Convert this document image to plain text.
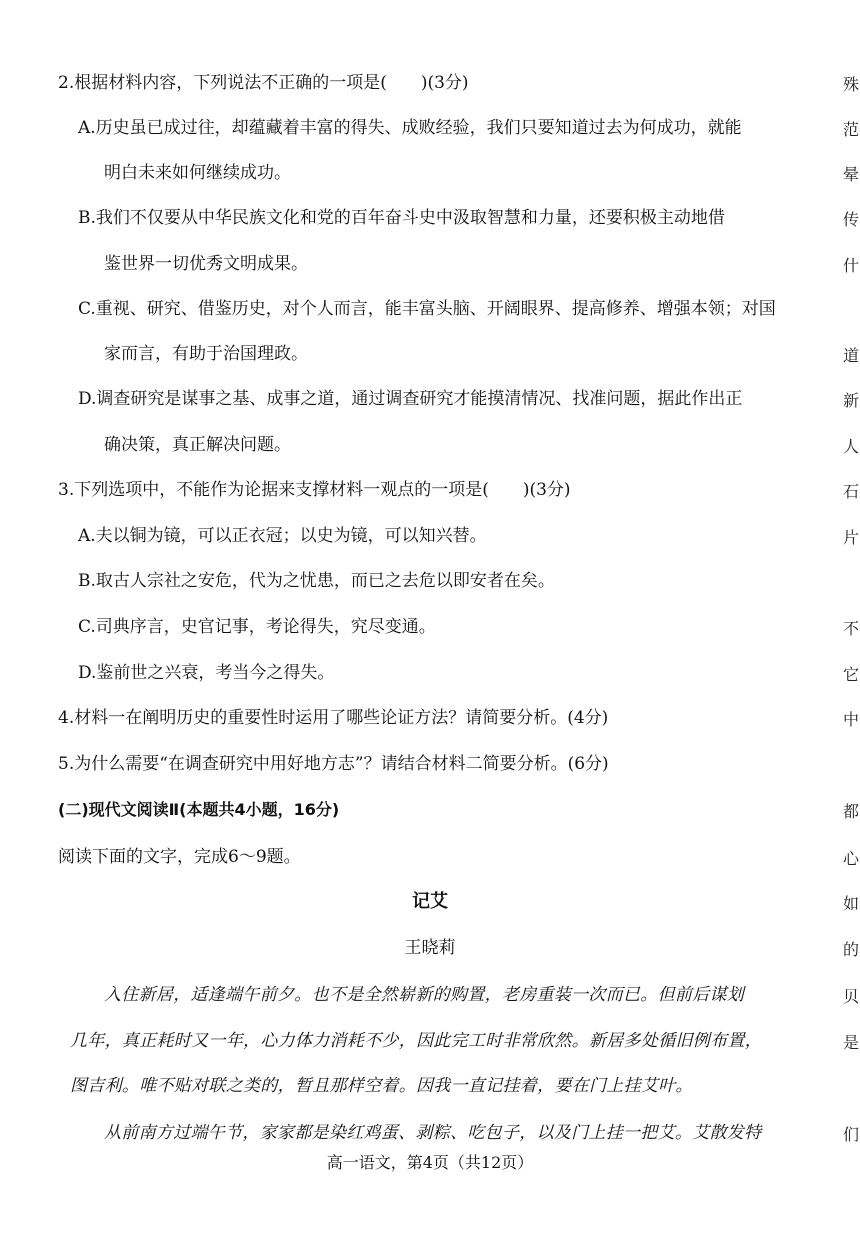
2.根据材料内容，下列说法不正确的一项是(　　)(3分)
A.历史虽已成过往，却蕴藏着丰富的得失、成败经验，我们只要知道过去为何成功，就能
明白未来如何继续成功。
B.我们不仅要从中华民族文化和党的百年奋斗史中汲取智慧和力量，还要积极主动地借
鉴世界一切优秀文明成果。
C.重视、研究、借鉴历史，对个人而言，能丰富头脑、开阔眼界、提高修养、增强本领；对国
家而言，有助于治国理政。
D.调查研究是谋事之基、成事之道，通过调查研究才能摸清情况、找准问题，据此作出正
确决策，真正解决问题。
3.下列选项中，不能作为论据来支撑材料一观点的一项是(　　)(3分)
A.夫以铜为镜，可以正衣冠；以史为镜，可以知兴替。
B.取古人宗社之安危，代为之忧患，而已之去危以即安者在矣。
C.司典序言，史官记事，考论得失，究尽变通。
D.鉴前世之兴衰，考当今之得失。
4.材料一在阐明历史的重要性时运用了哪些论证方法？请简要分析。(4分)
5.为什么需要“在调查研究中用好地方志”？请结合材料二简要分析。(6分)
(二)现代文阅读Ⅱ(本题共4小题，16分)
阅读下面的文字，完成6～9题。
记艾
王晓莉
入住新居，适逢端午前夕。也不是全然崭新的购置，老房重装一次而已。但前后谋划
几年，真正耗时又一年，心力体力消耗不少，因此完工时非常欣然。新居多处循旧例布置，
图吉利。唯不贴对联之类的，暂且那样空着。因我一直记挂着，要在门上挂艾叶。
从前南方过端午节，家家都是染红鸡蛋、剥粽、吃包子，以及门上挂一把艾。艾散发特
高一语文，第4页（共12页）
殊
范
晕
传
什
道
新
人
石
片
不
它
中
都
心
如
的
贝
是
们
